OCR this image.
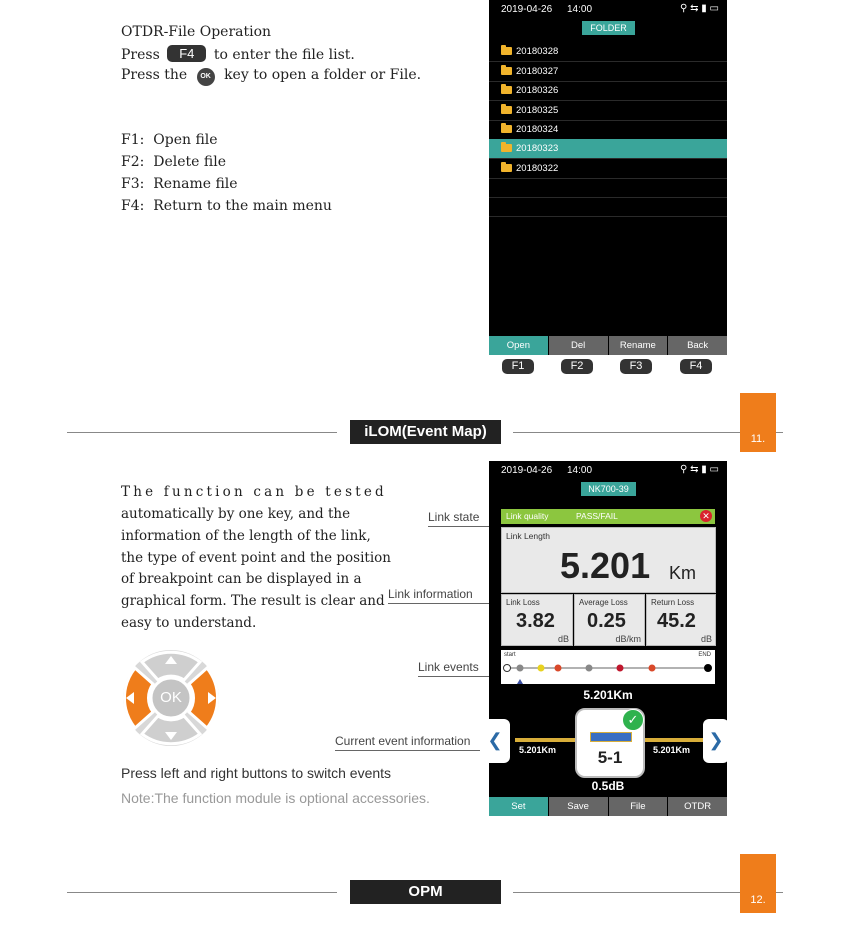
OTDR-File Operation
Press F4 to enter the file list.
Press the OK key to open a folder or File.
F1: Open file
F2: Delete file
F3: Rename file
F4: Return to the main menu
2019-04-26 14:00	⚲ ⇆ ▮ ▭
FOLDER
20180328
20180327
20180326
20180325
20180324
20180323
20180322
Open	Del	Rename	Back
F1	F2	F3	F4
iLOM(Event Map)	11.
The function can be tested
automatically by one key, and the
information of the length of the link,
the type of event point and the position
of breakpoint can be displayed in a
graphical form. The result is clear and
easy to understand.
OK
Press left and right buttons to switch events
Note:The function module is optional accessories.
Link state
Link information
Link events
Current event information
2019-04-26 14:00	⚲ ⇆ ▮ ▭
NK700-39
Link quality	PASS/FAIL	✕
Link Length
5.201 Km
Link Loss
3.82
dB
Average Loss
0.25
dB/km
Return Loss
45.2
dB
start	END
5.201Km
5.201Km	5.201Km
5-1
✓
0.5dB
Set	Save	File	OTDR
❮	❯
OPM	12.
